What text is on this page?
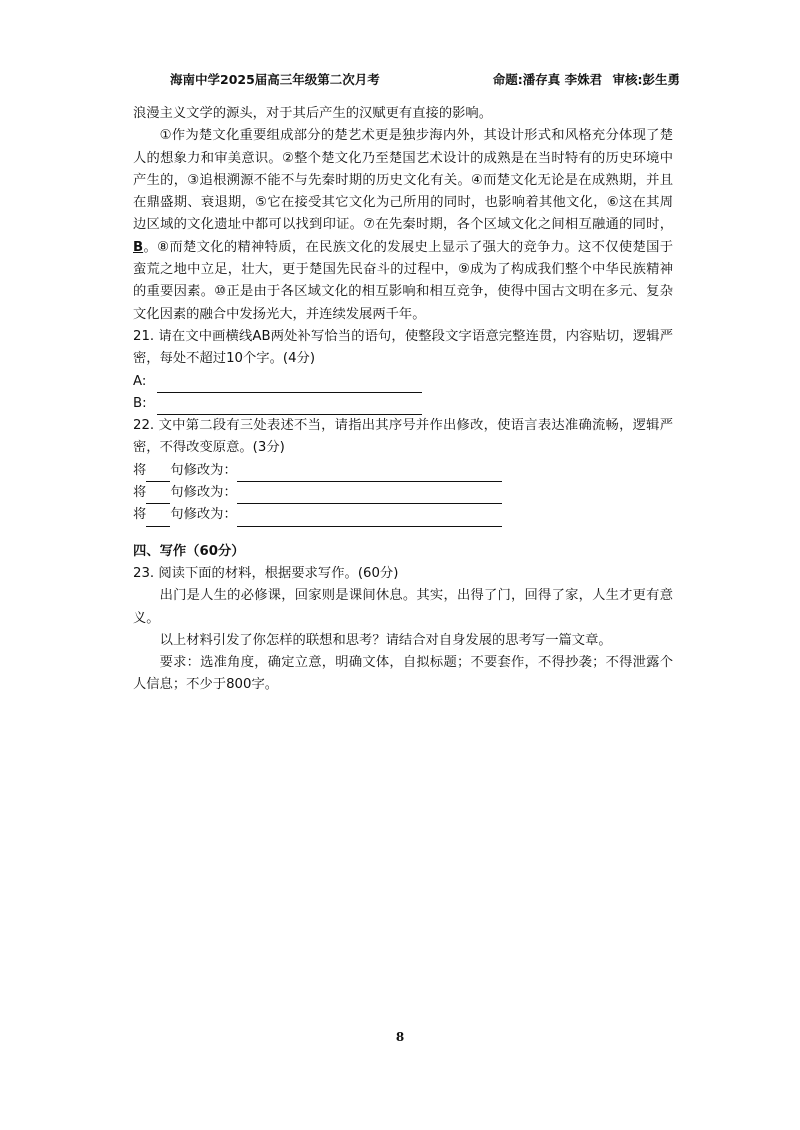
海南中学2025届高三年级第二次月考	命题:潘存真 李姝君 审核:彭生勇

浪漫主义文学的源头，对于其后产生的汉赋更有直接的影响。

①作为楚文化重要组成部分的楚艺术更是独步海内外，其设计形式和风格充分体现了楚人的想象力和审美意识。②整个楚文化乃至楚国艺术设计的成熟是在当时特有的历史环境中产生的，③追根溯源不能不与先秦时期的历史文化有关。④而楚文化无论是在成熟期，并且在鼎盛期、衰退期，⑤它在接受其它文化为己所用的同时，也影响着其他文化，⑥这在其周边区域的文化遗址中都可以找到印证。⑦在先秦时期，各个区域文化之间相互融通的同时，B。⑧而楚文化的精神特质，在民族文化的发展史上显示了强大的竞争力。这不仅使楚国于蛮荒之地中立足，壮大，更于楚国先民奋斗的过程中，⑨成为了构成我们整个中华民族精神的重要因素。⑩正是由于各区域文化的相互影响和相互竞争，使得中国古文明在多元、复杂文化因素的融合中发扬光大，并连续发展两千年。

21. 请在文中画横线AB两处补写恰当的语句，使整段文字语意完整连贯，内容贴切，逻辑严密，每处不超过10个字。(4分)

A:
B:

22. 文中第二段有三处表述不当，请指出其序号并作出修改，使语言表达准确流畅，逻辑严密，不得改变原意。(3分)

将 句修改为：
将 句修改为：
将 句修改为：

四、写作（60分）

23. 阅读下面的材料，根据要求写作。(60分)

出门是人生的必修课，回家则是课间休息。其实，出得了门，回得了家，人生才更有意义。

以上材料引发了你怎样的联想和思考？请结合对自身发展的思考写一篇文章。

要求：选准角度，确定立意，明确文体，自拟标题；不要套作，不得抄袭；不得泄露个人信息；不少于800字。

8
